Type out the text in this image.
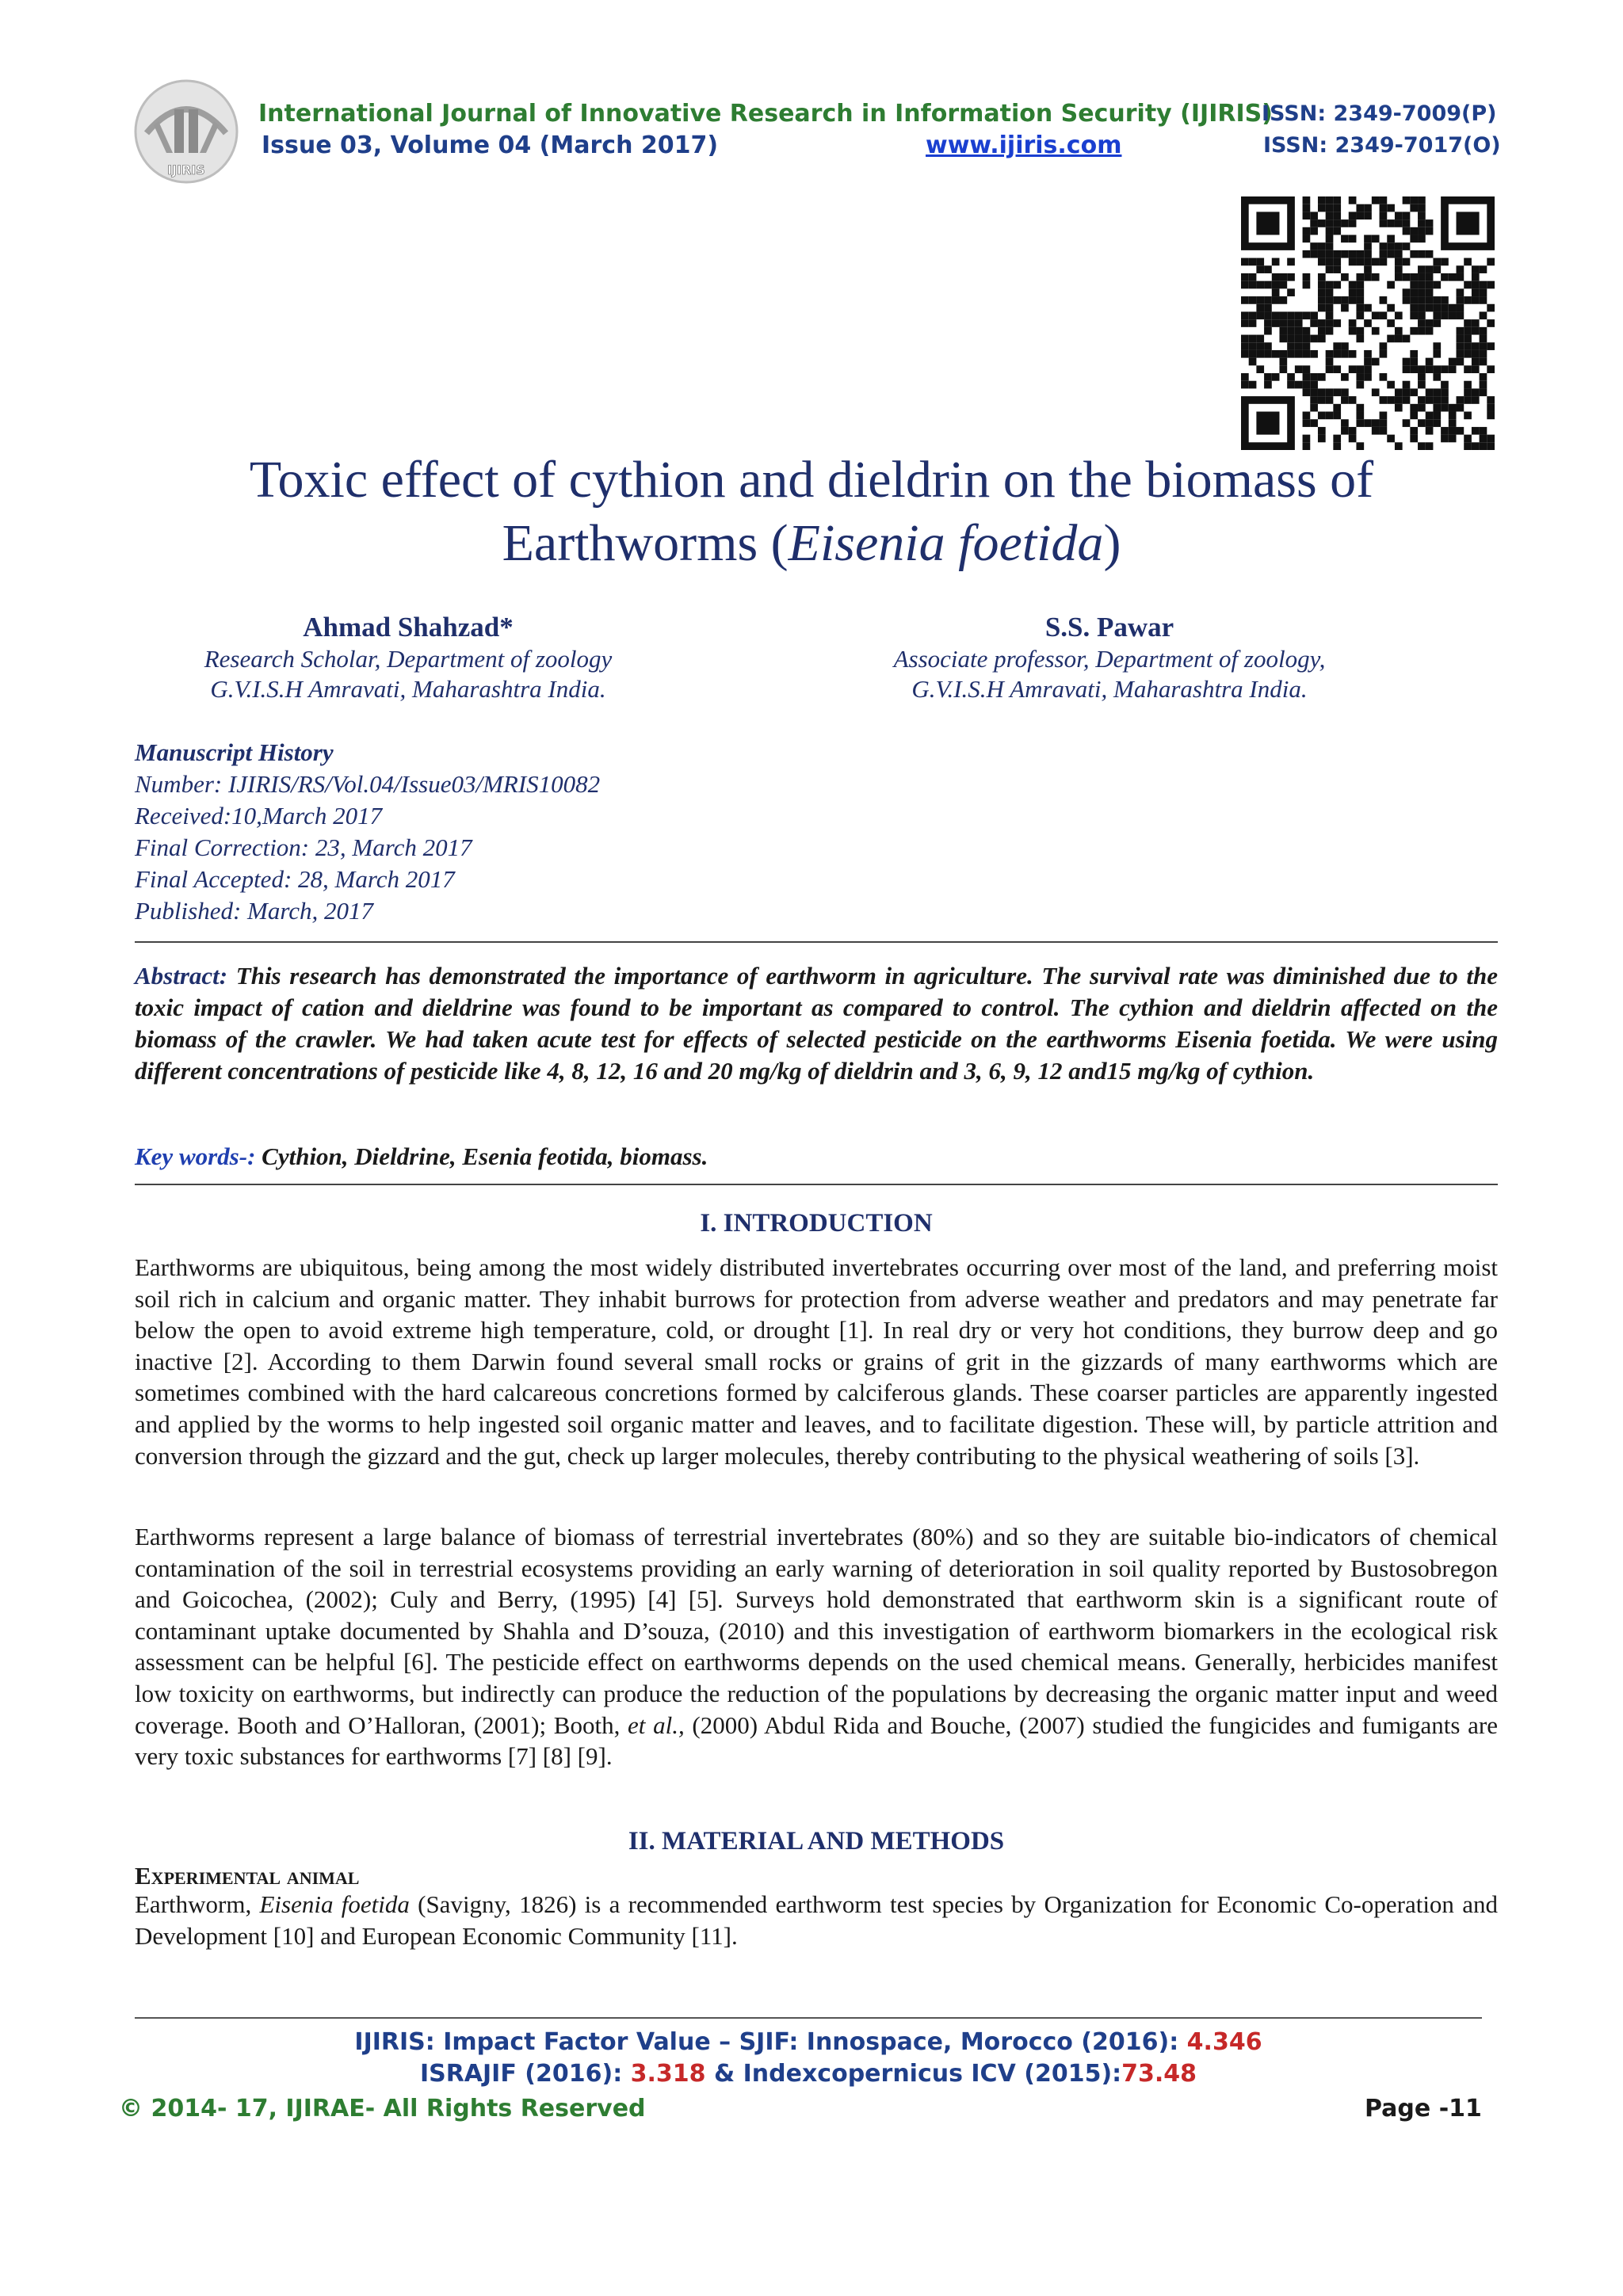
IJIRIS
International Journal of Innovative Research in Information Security (IJIRIS)
Issue 03, Volume 04 (March 2017)	www.ijiris.com
ISSN: 2349-7009(P)
ISSN: 2349-7017(O)
Toxic effect of cythion and dieldrin on the biomass of
Earthworms (Eisenia foetida)
Ahmad Shahzad*
Research Scholar, Department of zoology
G.V.I.S.H Amravati, Maharashtra India.
S.S. Pawar
Associate professor, Department of zoology,
G.V.I.S.H Amravati, Maharashtra India.
Manuscript History
Number: IJIRIS/RS/Vol.04/Issue03/MRIS10082
Received:10,March 2017
Final Correction: 23, March 2017
Final Accepted: 28, March 2017
Published: March, 2017
Abstract: This research has demonstrated the importance of earthworm in agriculture. The survival rate was diminished due to the toxic impact of cation and dieldrine was found to be important as compared to control. The cythion and dieldrin affected on the biomass of the crawler. We had taken acute test for effects of selected pesticide on the earthworms Eisenia foetida. We were using different concentrations of pesticide like 4, 8, 12, 16 and 20 mg/kg of dieldrin and 3, 6, 9, 12 and15 mg/kg of cythion.
Key words-: Cythion, Dieldrine, Esenia feotida, biomass.
I. INTRODUCTION
Earthworms are ubiquitous, being among the most widely distributed invertebrates occurring over most of the land, and preferring moist soil rich in calcium and organic matter. They inhabit burrows for protection from adverse weather and predators and may penetrate far below the open to avoid extreme high temperature, cold, or drought [1]. In real dry or very hot conditions, they burrow deep and go inactive [2]. According to them Darwin found several small rocks or grains of grit in the gizzards of many earthworms which are sometimes combined with the hard calcareous concretions formed by calciferous glands. These coarser particles are apparently ingested and applied by the worms to help ingested soil organic matter and leaves, and to facilitate digestion. These will, by particle attrition and conversion through the gizzard and the gut, check up larger molecules, thereby contributing to the physical weathering of soils [3].
Earthworms represent a large balance of biomass of terrestrial invertebrates (80%) and so they are suitable bio-indicators of chemical contamination of the soil in terrestrial ecosystems providing an early warning of deterioration in soil quality reported by Bustosobregon and Goicochea, (2002); Culy and Berry, (1995) [4] [5]. Surveys hold demonstrated that earthworm skin is a significant route of contaminant uptake documented by Shahla and D’souza, (2010) and this investigation of earthworm biomarkers in the ecological risk assessment can be helpful [6]. The pesticide effect on earthworms depends on the used chemical means. Generally, herbicides manifest low toxicity on earthworms, but indirectly can produce the reduction of the populations by decreasing the organic matter input and weed coverage. Booth and O’Halloran, (2001); Booth, et al., (2000) Abdul Rida and Bouche, (2007) studied the fungicides and fumigants are very toxic substances for earthworms [7] [8] [9].
II. MATERIAL AND METHODS
Experimental animal
Earthworm, Eisenia foetida (Savigny, 1826) is a recommended earthworm test species by Organization for Economic Co-operation and Development [10] and European Economic Community [11].
IJIRIS: Impact Factor Value – SJIF: Innospace, Morocco (2016): 4.346
ISRAJIF (2016): 3.318 & Indexcopernicus ICV (2015):73.48
© 2014- 17, IJIRAE- All Rights Reserved	Page -11
